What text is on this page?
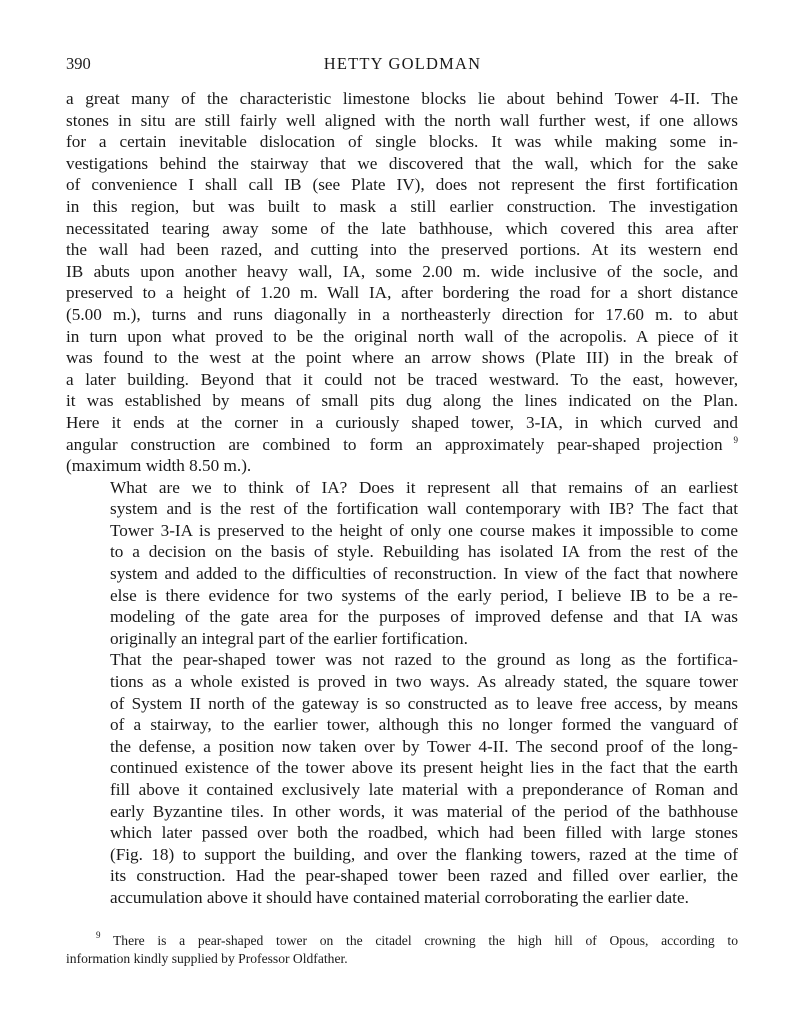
390	HETTY GOLDMAN

a great many of the characteristic limestone blocks lie about behind Tower 4-II. The
stones in situ are still fairly well aligned with the north wall further west, if one allows
for a certain inevitable dislocation of single blocks. It was while making some in-
vestigations behind the stairway that we discovered that the wall, which for the sake
of convenience I shall call IB (see Plate IV), does not represent the first fortification
in this region, but was built to mask a still earlier construction. The investigation
necessitated tearing away some of the late bathhouse, which covered this area after
the wall had been razed, and cutting into the preserved portions. At its western end
IB abuts upon another heavy wall, IA, some 2.00 m. wide inclusive of the socle, and
preserved to a height of 1.20 m. Wall IA, after bordering the road for a short distance
(5.00 m.), turns and runs diagonally in a northeasterly direction for 17.60 m. to abut
in turn upon what proved to be the original north wall of the acropolis. A piece of it
was found to the west at the point where an arrow shows (Plate III) in the break of
a later building. Beyond that it could not be traced westward. To the east, however,
it was established by means of small pits dug along the lines indicated on the Plan.
Here it ends at the corner in a curiously shaped tower, 3-IA, in which curved and
angular construction are combined to form an approximately pear-shaped projection $^9$
(maximum width 8.50 m.).

What are we to think of IA? Does it represent all that remains of an earliest
system and is the rest of the fortification wall contemporary with IB? The fact that
Tower 3-IA is preserved to the height of only one course makes it impossible to come
to a decision on the basis of style. Rebuilding has isolated IA from the rest of the
system and added to the difficulties of reconstruction. In view of the fact that nowhere
else is there evidence for two systems of the early period, I believe IB to be a re-
modeling of the gate area for the purposes of improved defense and that IA was
originally an integral part of the earlier fortification.

That the pear-shaped tower was not razed to the ground as long as the fortifica-
tions as a whole existed is proved in two ways. As already stated, the square tower
of System II north of the gateway is so constructed as to leave free access, by means
of a stairway, to the earlier tower, although this no longer formed the vanguard of
the defense, a position now taken over by Tower 4-II. The second proof of the long-
continued existence of the tower above its present height lies in the fact that the earth
fill above it contained exclusively late material with a preponderance of Roman and
early Byzantine tiles. In other words, it was material of the period of the bathhouse
which later passed over both the roadbed, which had been filled with large stones
(Fig. 18) to support the building, and over the flanking towers, razed at the time of
its construction. Had the pear-shaped tower been razed and filled over earlier, the
accumulation above it should have contained material corroborating the earlier date.

$^9$ There is a pear-shaped tower on the citadel crowning the high hill of Opous, according to
information kindly supplied by Professor Oldfather.
